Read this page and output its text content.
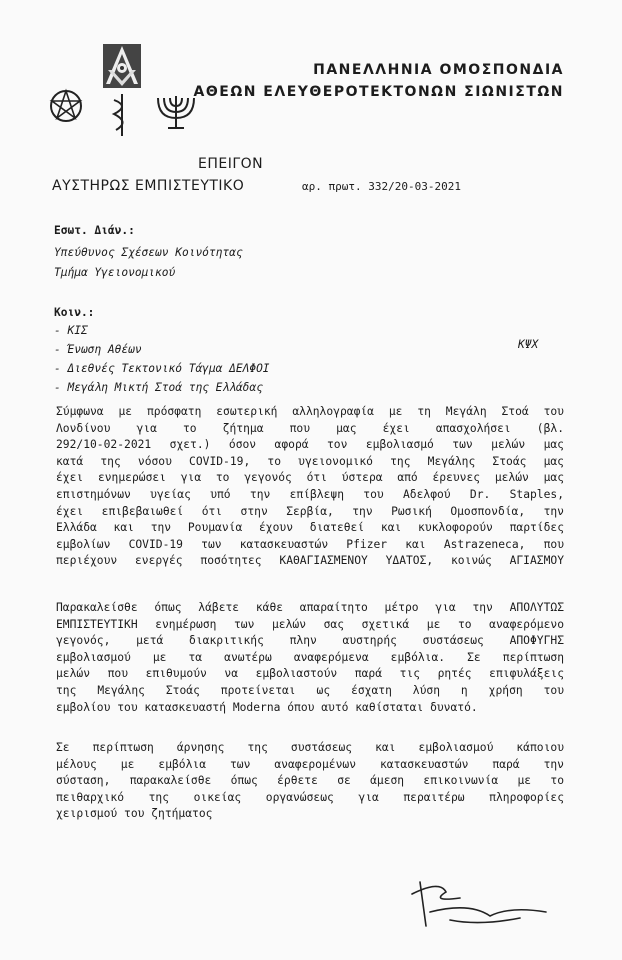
ΠΑΝΕΛΛΗΝΙΑ ΟΜΟΣΠΟΝΔΙΑ
ΑΘΕΩΝ ΕΛΕΥΘΕΡΟΤΕΚΤΟΝΩΝ ΣΙΩΝΙΣΤΩΝ
ΕΠΕΙΓΟΝ
ΑΥΣΤΗΡΩΣ ΕΜΠΙΣΤΕΥΤΙΚΟ	αρ. πρωτ. 332/20-03-2021
Εσωτ. Διάν.:
Υπεύθυνος Σχέσεων Κοινότητας
Τμήμα Υγειονομικού
Κοιν.:
- ΚΙΣ
- Ένωση Αθέων	ΚΨΧ
- Διεθνές Τεκτονικό Τάγμα ΔΕΛΦΟΙ
- Μεγάλη Μικτή Στοά της Ελλάδας
Σύμφωνα με πρόσφατη εσωτερική αλληλογραφία με τη Μεγάλη Στοά του
Λονδίνου για το ζήτημα που μας έχει απασχολήσει (βλ.
292/10-02-2021 σχετ.) όσον αφορά τον εμβολιασμό των μελών μας
κατά της νόσου COVID-19, το υγειονομικό της Μεγάλης Στοάς μας
έχει ενημερώσει για το γεγονός ότι ύστερα από έρευνες μελών μας
επιστημόνων υγείας υπό την επίβλεψη του Αδελφού Dr. Staples,
έχει επιβεβαιωθεί ότι στην Σερβία, την Ρωσική Ομοσπονδία, την
Ελλάδα και την Ρουμανία έχουν διατεθεί και κυκλοφορούν παρτίδες
εμβολίων COVID-19 των κατασκευαστών Pfizer και Astrazeneca, που
περιέχουν ενεργές ποσότητες ΚΑΘΑΓΙΑΣΜΕΝΟΥ ΥΔΑΤΟΣ, κοινώς ΑΓΙΑΣΜΟΥ
Παρακαλείσθε όπως λάβετε κάθε απαραίτητο μέτρο για την ΑΠΟΛΥΤΩΣ
ΕΜΠΙΣΤΕΥΤΙΚΗ ενημέρωση των μελών σας σχετικά με το αναφερόμενο
γεγονός, μετά διακριτικής πλην αυστηρής συστάσεως ΑΠΟΦΥΓΗΣ
εμβολιασμού με τα ανωτέρω αναφερόμενα εμβόλια. Σε περίπτωση
μελών που επιθυμούν να εμβολιαστούν παρά τις ρητές επιφυλάξεις
της Μεγάλης Στοάς προτείνεται ως έσχατη λύση η χρήση του
εμβολίου του κατασκευαστή Moderna όπου αυτό καθίσταται δυνατό.
Σε περίπτωση άρνησης της συστάσεως και εμβολιασμού κάποιου
μέλους με εμβόλια των αναφερομένων κατασκευαστών παρά την
σύσταση, παρακαλείσθε όπως έρθετε σε άμεση επικοινωνία με το
πειθαρχικό της οικείας οργανώσεως για περαιτέρω πληροφορίες
χειρισμού του ζητήματος
